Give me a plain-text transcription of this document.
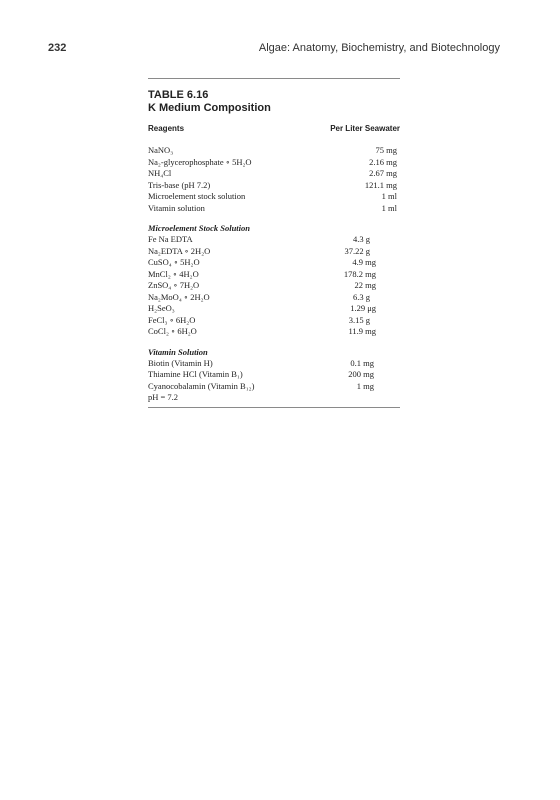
232	Algae: Anatomy, Biochemistry, and Biotechnology
TABLE 6.16
K Medium Composition
Reagents	Per Liter Seawater
NaNO₃	75 mg
Na₂-glycerophosphate ∘ 5H₂O	2.16 mg
NH₄Cl	2.67 mg
Tris-base (pH 7.2)	121.1 mg
Microelement stock solution	1 ml
Vitamin solution	1 ml
Microelement Stock Solution
Fe Na EDTA	4.3 g
Na₂EDTA ∘ 2H₂O	37.22 g
CuSO₄ ∘ 5H₂O	4.9 mg
MnCl₂ ∘ 4H₂O	178.2 mg
ZnSO₄ ∘ 7H₂O	22 mg
Na₂MoO₄ ∘ 2H₂O	6.3 g
H₂SeO₃	1.29 μg
FeCl₃ ∘ 6H₂O	3.15 g
CoCl₂ ∘ 6H₂O	11.9 mg
Vitamin Solution
Biotin (Vitamin H)	0.1 mg
Thiamine HCl (Vitamin B₁)	200 mg
Cyanocobalamin (Vitamin B₁₂)	1 mg
pH = 7.2
